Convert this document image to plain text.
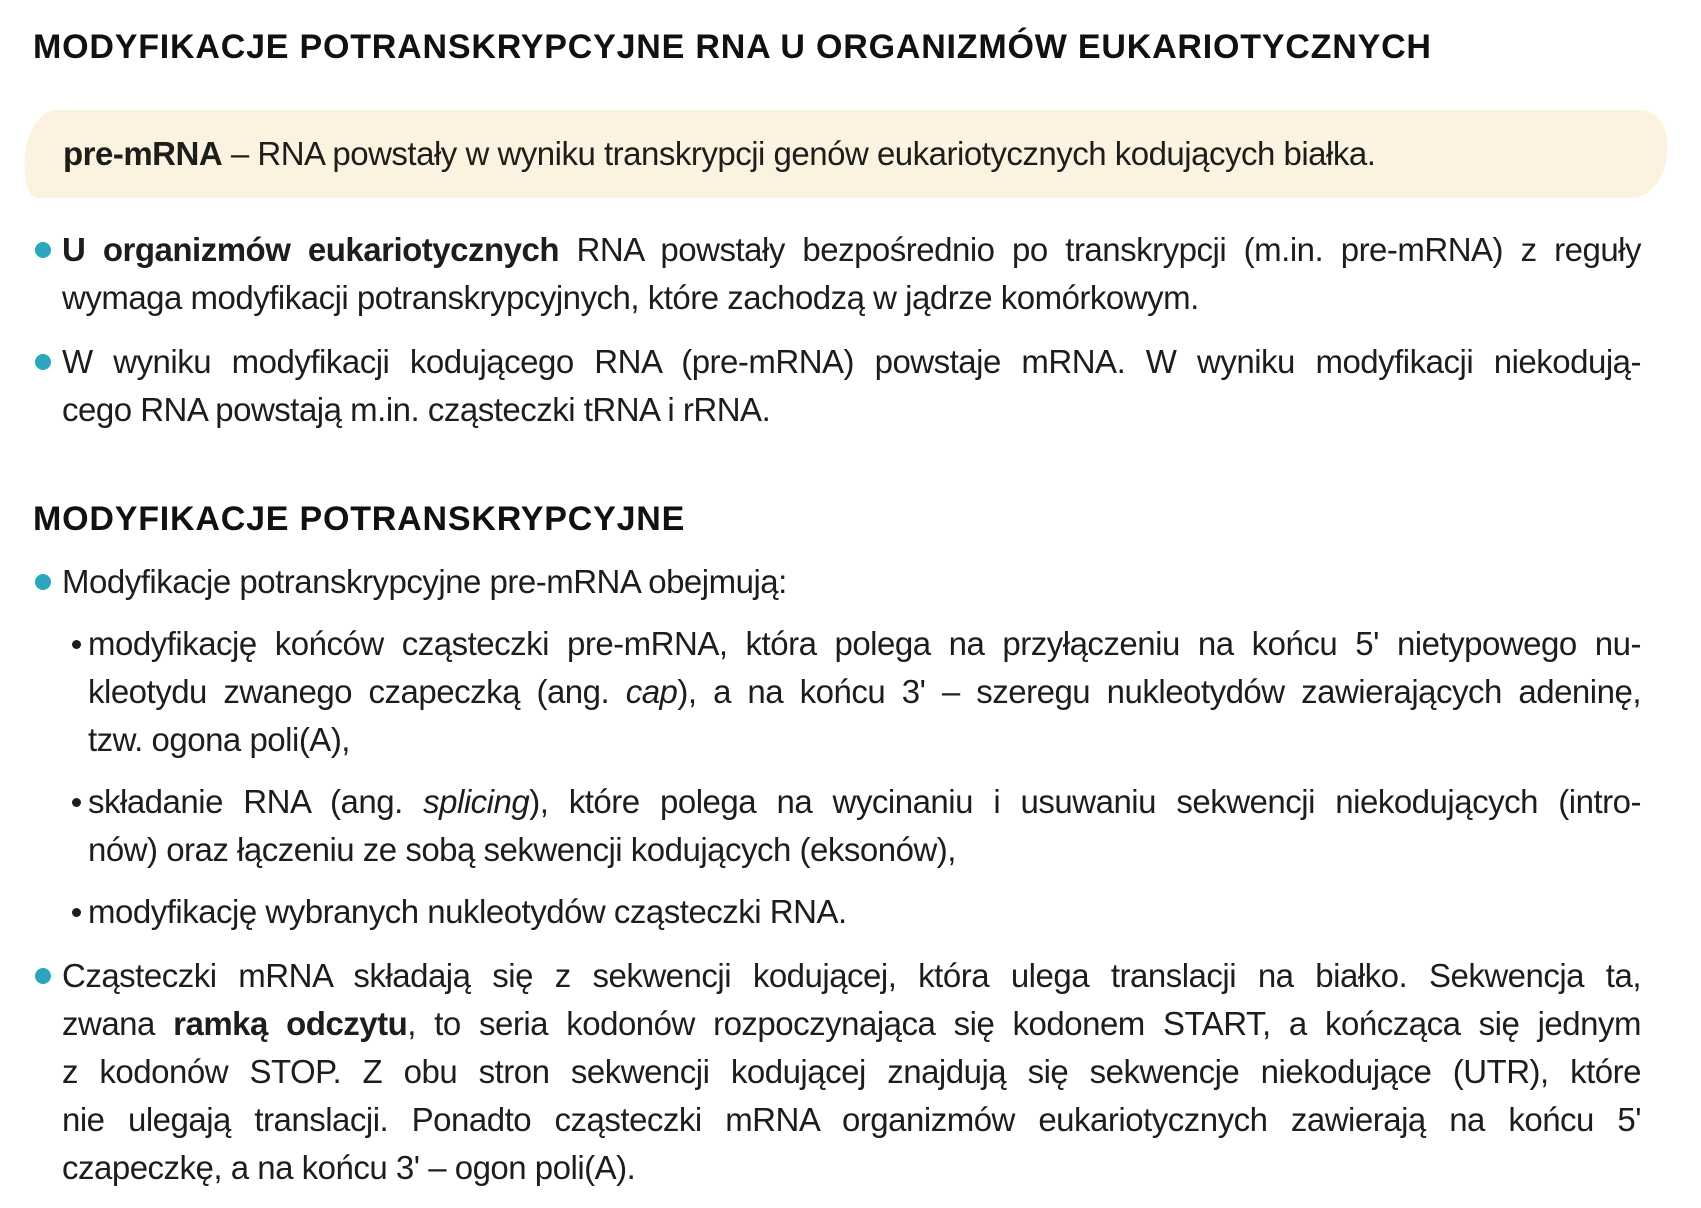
MODYFIKACJE POTRANSKRYPCYJNE RNA U ORGANIZMÓW EUKARIOTYCZNYCH

pre-mRNA – RNA powstały w wyniku transkrypcji genów eukariotycznych kodujących białka.

U organizmów eukariotycznych RNA powstały bezpośrednio po transkrypcji (m.in. pre-mRNA) z reguły
wymaga modyfikacji potranskrypcyjnych, które zachodzą w jądrze komórkowym.
W wyniku modyfikacji kodującego RNA (pre-mRNA) powstaje mRNA. W wyniku modyfikacji niekodują-
cego RNA powstają m.in. cząsteczki tRNA i rRNA.
MODYFIKACJE POTRANSKRYPCYJNE
Modyfikacje potranskrypcyjne pre-mRNA obejmują:
modyfikację końców cząsteczki pre-mRNA, która polega na przyłączeniu na końcu 5' nietypowego nu-
kleotydu zwanego czapeczką (ang. cap), a na końcu 3' – szeregu nukleotydów zawierających adeninę,
tzw. ogona poli(A),
składanie RNA (ang. splicing), które polega na wycinaniu i usuwaniu sekwencji niekodujących (intro-
nów) oraz łączeniu ze sobą sekwencji kodujących (eksonów),
modyfikację wybranych nukleotydów cząsteczki RNA.
Cząsteczki mRNA składają się z sekwencji kodującej, która ulega translacji na białko. Sekwencja ta,
zwana ramką odczytu, to seria kodonów rozpoczynająca się kodonem START, a kończąca się jednym
z kodonów STOP. Z obu stron sekwencji kodującej znajdują się sekwencje niekodujące (UTR), które
nie ulegają translacji. Ponadto cząsteczki mRNA organizmów eukariotycznych zawierają na końcu 5'
czapeczkę, a na końcu 3' – ogon poli(A).
